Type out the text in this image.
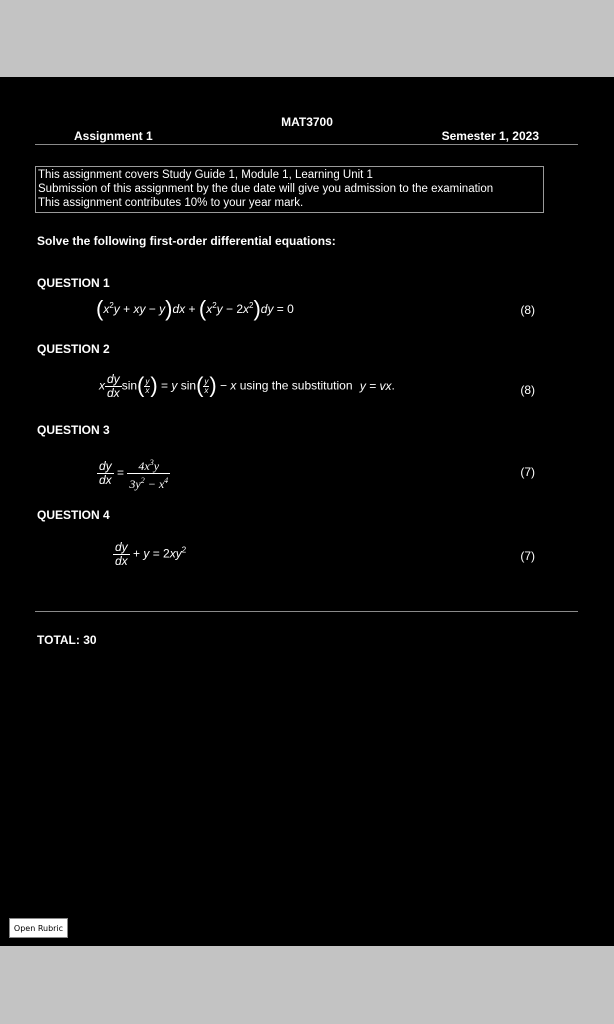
MAT3700
Assignment 1	Semester 1, 2023
This assignment covers Study Guide 1, Module 1, Learning Unit 1
Submission of this assignment by the due date will give you admission to the examination
This assignment contributes 10% to your year mark.
Solve the following first-order differential equations:
QUESTION 1
($x^2y$ + xy − $y)dx + (x^2y - 2x^2)dy = 0$	(8)
QUESTION 2
x $\frac{dy}{dx} \sin( \frac{y}{x}$ ) = y $\sin( \frac{y}{x}$ ) − x using the substitution y = vx.	(8)
QUESTION 3
$\frac{dy}{dx} = \frac{4x^3y}{3y^2 - x^4}$	(7)
QUESTION 4
$\frac{dy}{dx} + y = 2xy^2$	(7)
TOTAL: 30
Open Rubric
